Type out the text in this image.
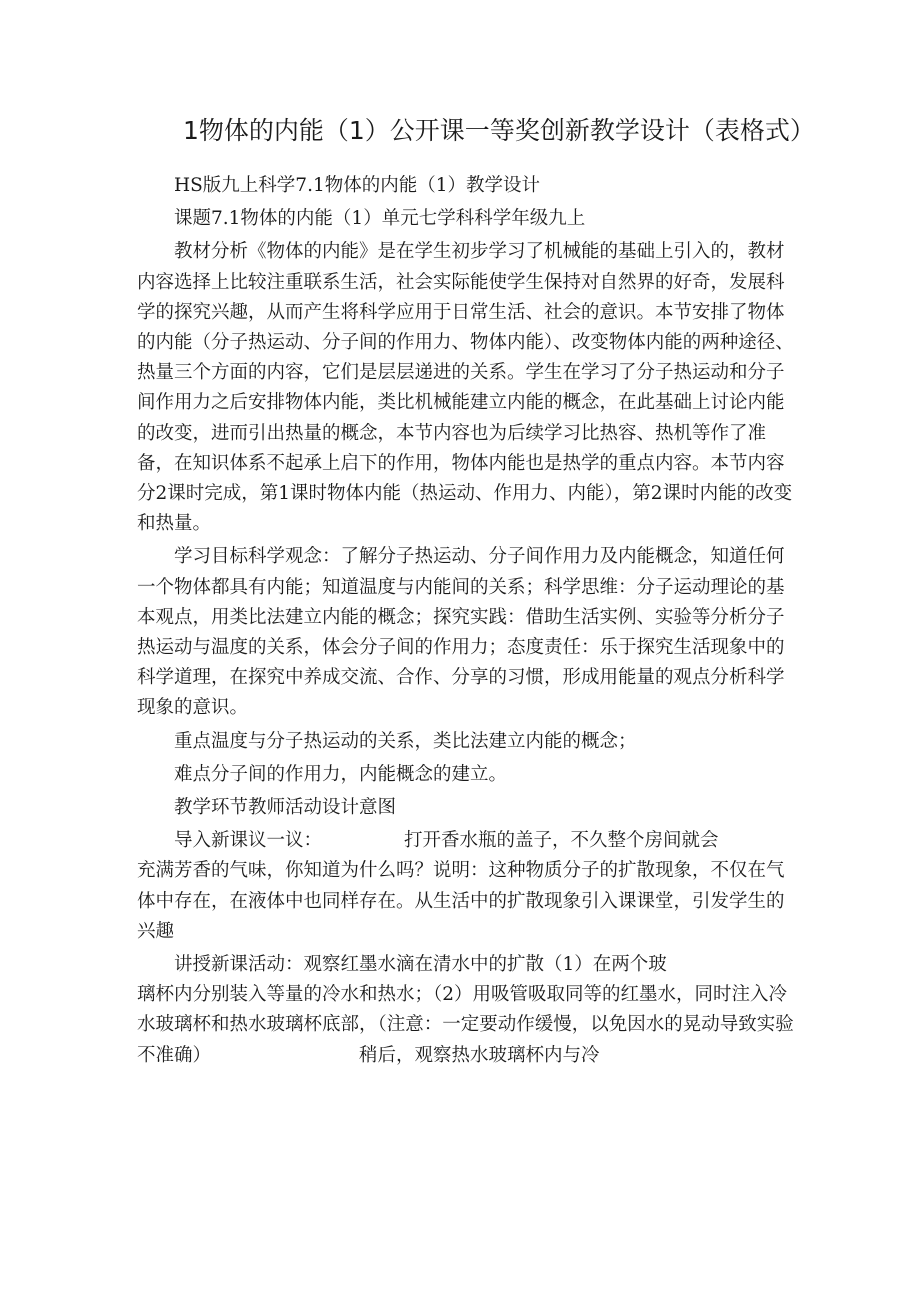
1物体的内能（1）公开课一等奖创新教学设计（表格式）

HS版九上科学7.1物体的内能（1）教学设计

课题7.1物体的内能（1）单元七学科科学年级九上

教材分析《物体的内能》是在学生初步学习了机械能的基础上引入的，教材内容选择上比较注重联系生活，社会实际能使学生保持对自然界的好奇，发展科学的探究兴趣，从而产生将科学应用于日常生活、社会的意识。本节安排了物体的内能（分子热运动、分子间的作用力、物体内能）、改变物体内能的两种途径、热量三个方面的内容，它们是层层递进的关系。学生在学习了分子热运动和分子间作用力之后安排物体内能，类比机械能建立内能的概念，在此基础上讨论内能的改变，进而引出热量的概念，本节内容也为后续学习比热容、热机等作了准备，在知识体系不起承上启下的作用，物体内能也是热学的重点内容。本节内容分2课时完成，第1课时物体内能（热运动、作用力、内能），第2课时内能的改变和热量。

学习目标科学观念：了解分子热运动、分子间作用力及内能概念，知道任何一个物体都具有内能；知道温度与内能间的关系；科学思维：分子运动理论的基本观点，用类比法建立内能的概念；探究实践：借助生活实例、实验等分析分子热运动与温度的关系，体会分子间的作用力；态度责任：乐于探究生活现象中的科学道理，在探究中养成交流、合作、分享的习惯，形成用能量的观点分析科学现象的意识。

重点温度与分子热运动的关系，类比法建立内能的概念；

难点分子间的作用力，内能概念的建立。

教学环节教师活动设计意图

导入新课议一议：	打开香水瓶的盖子，不久整个房间就会
充满芳香的气味，你知道为什么吗？说明：这种物质分子的扩散现象，不仅在气体中存在，在液体中也同样存在。从生活中的扩散现象引入课课堂，引发学生的兴趣
讲授新课活动：观察红墨水滴在清水中的扩散（1）在两个玻
璃杯内分别装入等量的冷水和热水；（2）用吸管吸取同等的红墨水，同时注入冷水玻璃杯和热水玻璃杯底部，（注意：一定要动作缓慢，以免因水的晃动导致实验不准确）	稍后，观察热水玻璃杯内与冷
